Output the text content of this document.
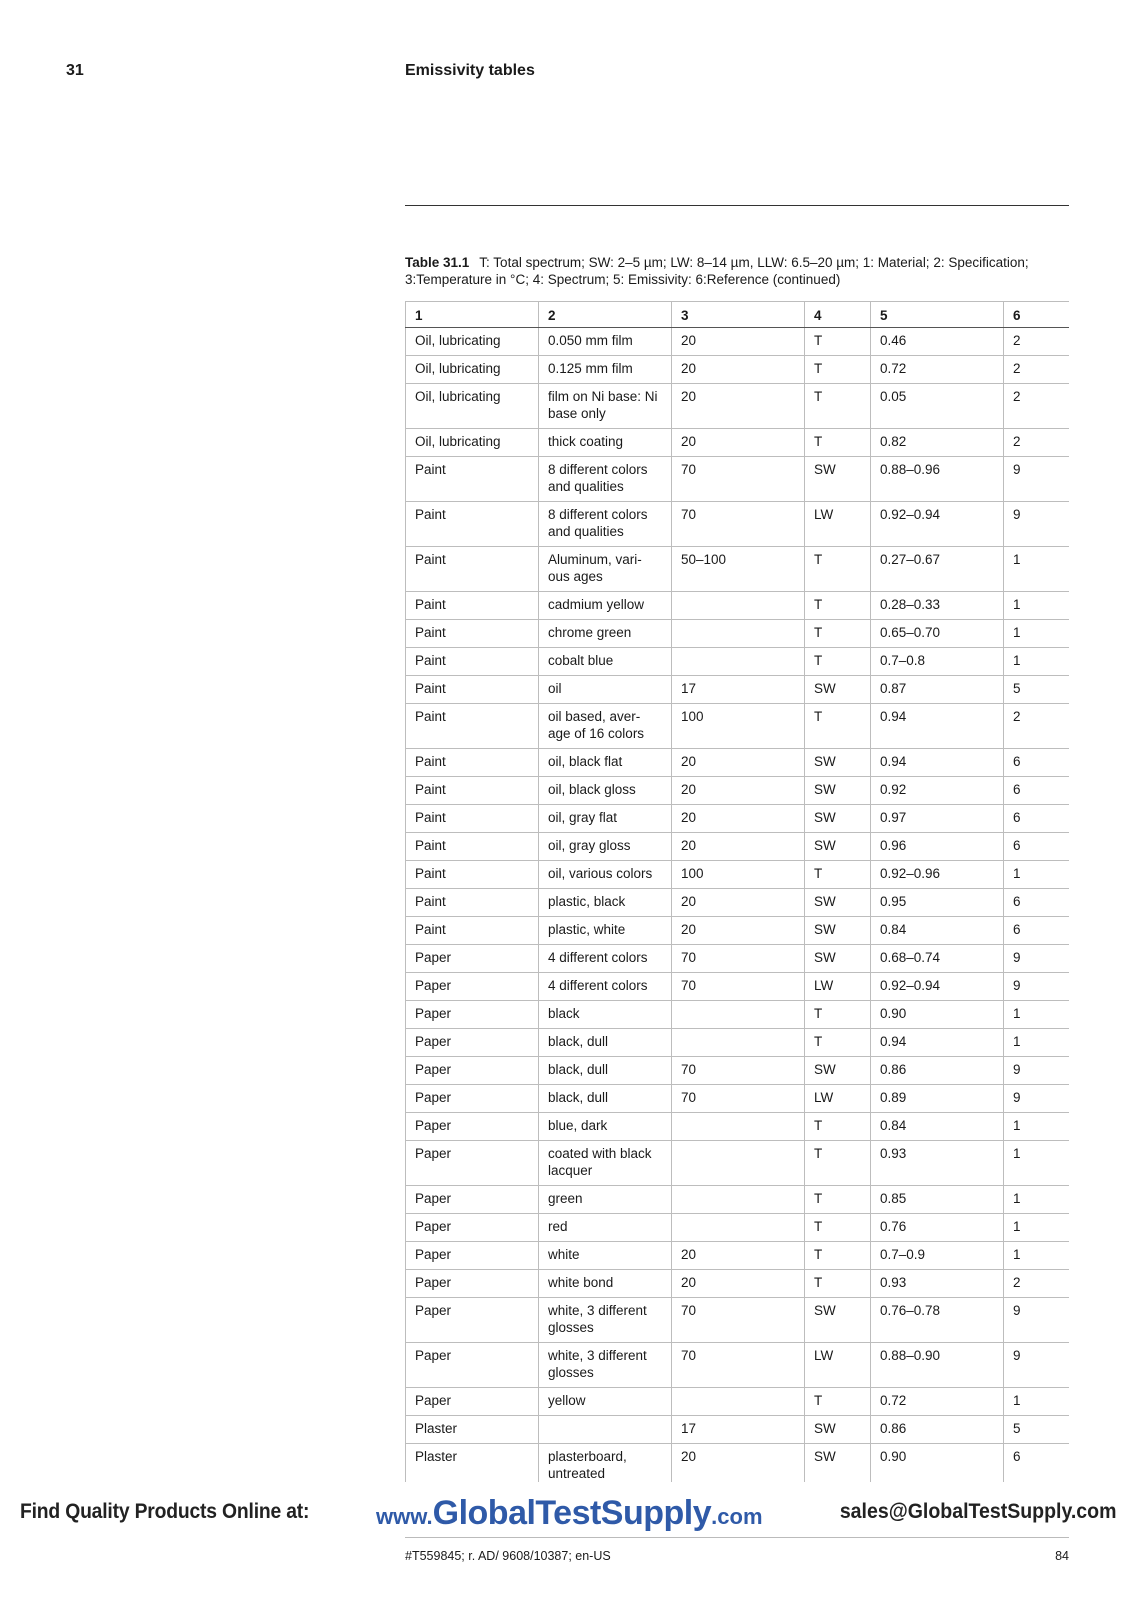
31	Emissivity tables
Table 31.1 T: Total spectrum; SW: 2–5 µm; LW: 8–14 µm, LLW: 6.5–20 µm; 1: Material; 2: Specification; 3:Temperature in °C; 4: Spectrum; 5: Emissivity: 6:Reference (continued)
1	2	3	4	5	6
Oil, lubricating	0.050 mm film	20	T	0.46	2
Oil, lubricating	0.125 mm film	20	T	0.72	2
Oil, lubricating	film on Ni base: Ni base only	20	T	0.05	2
Oil, lubricating	thick coating	20	T	0.82	2
Paint	8 different colors and qualities	70	SW	0.88–0.96	9
Paint	8 different colors and qualities	70	LW	0.92–0.94	9
Paint	Aluminum, vari-ous ages	50–100	T	0.27–0.67	1
Paint	cadmium yellow		T	0.28–0.33	1
Paint	chrome green		T	0.65–0.70	1
Paint	cobalt blue		T	0.7–0.8	1
Paint	oil	17	SW	0.87	5
Paint	oil based, aver-age of 16 colors	100	T	0.94	2
Paint	oil, black flat	20	SW	0.94	6
Paint	oil, black gloss	20	SW	0.92	6
Paint	oil, gray flat	20	SW	0.97	6
Paint	oil, gray gloss	20	SW	0.96	6
Paint	oil, various colors	100	T	0.92–0.96	1
Paint	plastic, black	20	SW	0.95	6
Paint	plastic, white	20	SW	0.84	6
Paper	4 different colors	70	SW	0.68–0.74	9
Paper	4 different colors	70	LW	0.92–0.94	9
Paper	black		T	0.90	1
Paper	black, dull		T	0.94	1
Paper	black, dull	70	SW	0.86	9
Paper	black, dull	70	LW	0.89	9
Paper	blue, dark		T	0.84	1
Paper	coated with black lacquer		T	0.93	1
Paper	green		T	0.85	1
Paper	red		T	0.76	1
Paper	white	20	T	0.7–0.9	1
Paper	white bond	20	T	0.93	2
Paper	white, 3 different glosses	70	SW	0.76–0.78	9
Paper	white, 3 different glosses	70	LW	0.88–0.90	9
Paper	yellow		T	0.72	1
Plaster		17	SW	0.86	5
Plaster	plasterboard, untreated	20	SW	0.90	6
Find Quality Products Online at:	www.GlobalTestSupply.com	sales@GlobalTestSupply.com
#T559845; r. AD/ 9608/10387; en-US	84
